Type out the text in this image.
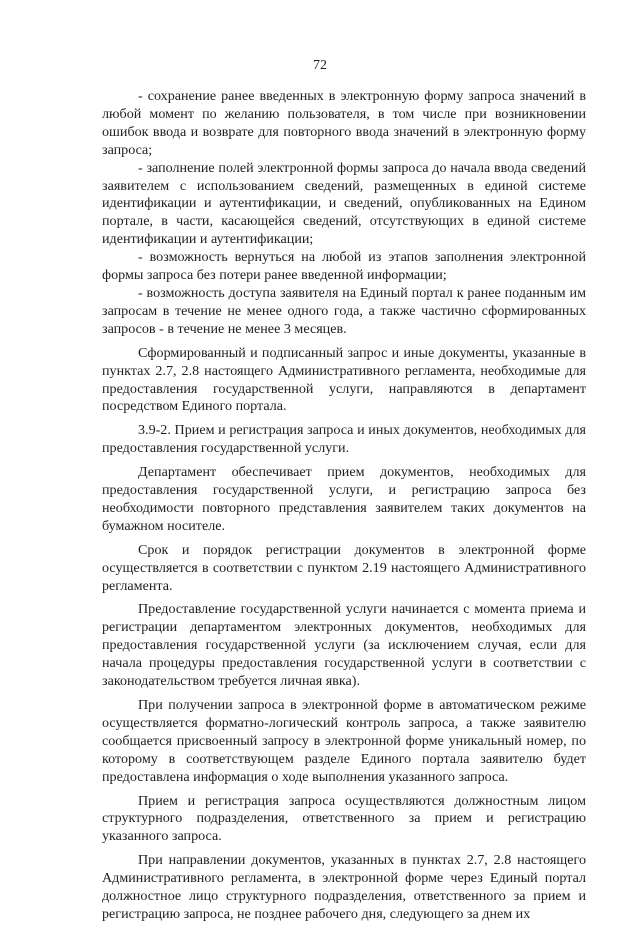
72

- сохранение ранее введенных в электронную форму запроса значений в любой момент по желанию пользователя, в том числе при возникновении ошибок ввода и возврате для повторного ввода значений в электронную форму запроса;

- заполнение полей электронной формы запроса до начала ввода сведений заявителем с использованием сведений, размещенных в единой системе идентификации и аутентификации, и сведений, опубликованных на Едином портале, в части, касающейся сведений, отсутствующих в единой системе идентификации и аутентификации;

- возможность вернуться на любой из этапов заполнения электронной формы запроса без потери ранее введенной информации;

- возможность доступа заявителя на Единый портал к ранее поданным им запросам в течение не менее одного года, а также частично сформированных запросов - в течение не менее 3 месяцев.

Сформированный и подписанный запрос и иные документы, указанные в пунктах 2.7, 2.8 настоящего Административного регламента, необходимые для предоставления государственной услуги, направляются в департамент посредством Единого портала.

3.9-2. Прием и регистрация запроса и иных документов, необходимых для предоставления государственной услуги.

Департамент обеспечивает прием документов, необходимых для предоставления государственной услуги, и регистрацию запроса без необходимости повторного представления заявителем таких документов на бумажном носителе.

Срок и порядок регистрации документов в электронной форме осуществляется в соответствии с пунктом 2.19 настоящего Административного регламента.

Предоставление государственной услуги начинается с момента приема и регистрации департаментом электронных документов, необходимых для предоставления государственной услуги (за исключением случая, если для начала процедуры предоставления государственной услуги в соответствии с законодательством требуется личная явка).

При получении запроса в электронной форме в автоматическом режиме осуществляется форматно-логический контроль запроса, а также заявителю сообщается присвоенный запросу в электронной форме уникальный номер, по которому в соответствующем разделе Единого портала заявителю будет предоставлена информация о ходе выполнения указанного запроса.

Прием и регистрация запроса осуществляются должностным лицом структурного подразделения, ответственного за прием и регистрацию указанного запроса.

При направлении документов, указанных в пунктах 2.7, 2.8 настоящего Административного регламента, в электронной форме через Единый портал должностное лицо структурного подразделения, ответственного за прием и регистрацию запроса, не позднее рабочего дня, следующего за днем их
